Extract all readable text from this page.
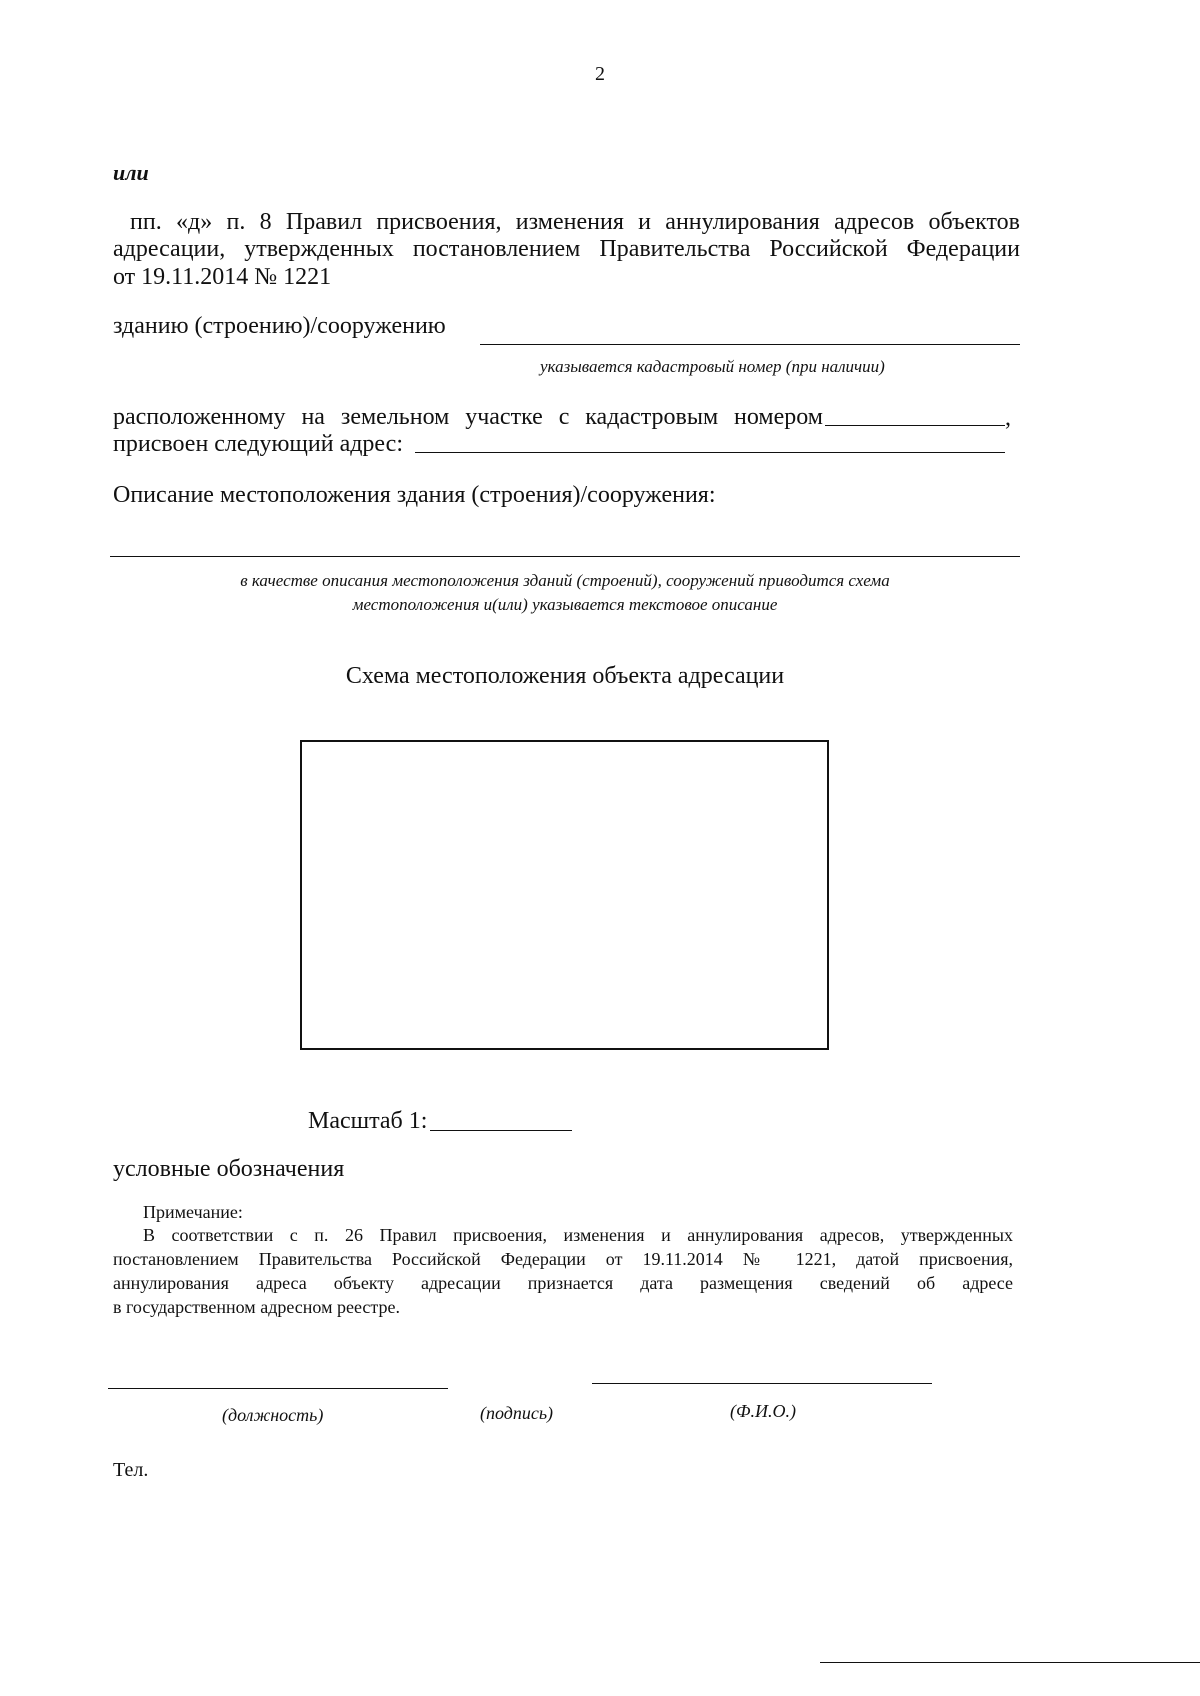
2
или
пп. «д» п. 8 Правил присвоения, изменения и аннулирования адресов объектов
адресации, утвержденных постановлением Правительства Российской Федерации
от 19.11.2014 № 1221
зданию (строению)/сооружению
указывается кадастровый номер (при наличии)
расположенному на земельном участке с кадастровым номером	,
присвоен следующий адрес:
Описание местоположения здания (строения)/сооружения:
в качестве описания местоположения зданий (строений), сооружений приводится схема
местоположения и(или) указывается текстовое описание
Схема местоположения объекта адресации
Масштаб 1:
условные обозначения
Примечание:
В соответствии с п. 26 Правил присвоения, изменения и аннулирования адресов, утвержденных
постановлением Правительства Российской Федерации от 19.11.2014 № 1221, датой присвоения,
аннулирования адреса объекту адресации признается дата размещения сведений об адресе
в государственном адресном реестре.
(должность)	(подпись)	(Ф.И.О.)
Тел.
